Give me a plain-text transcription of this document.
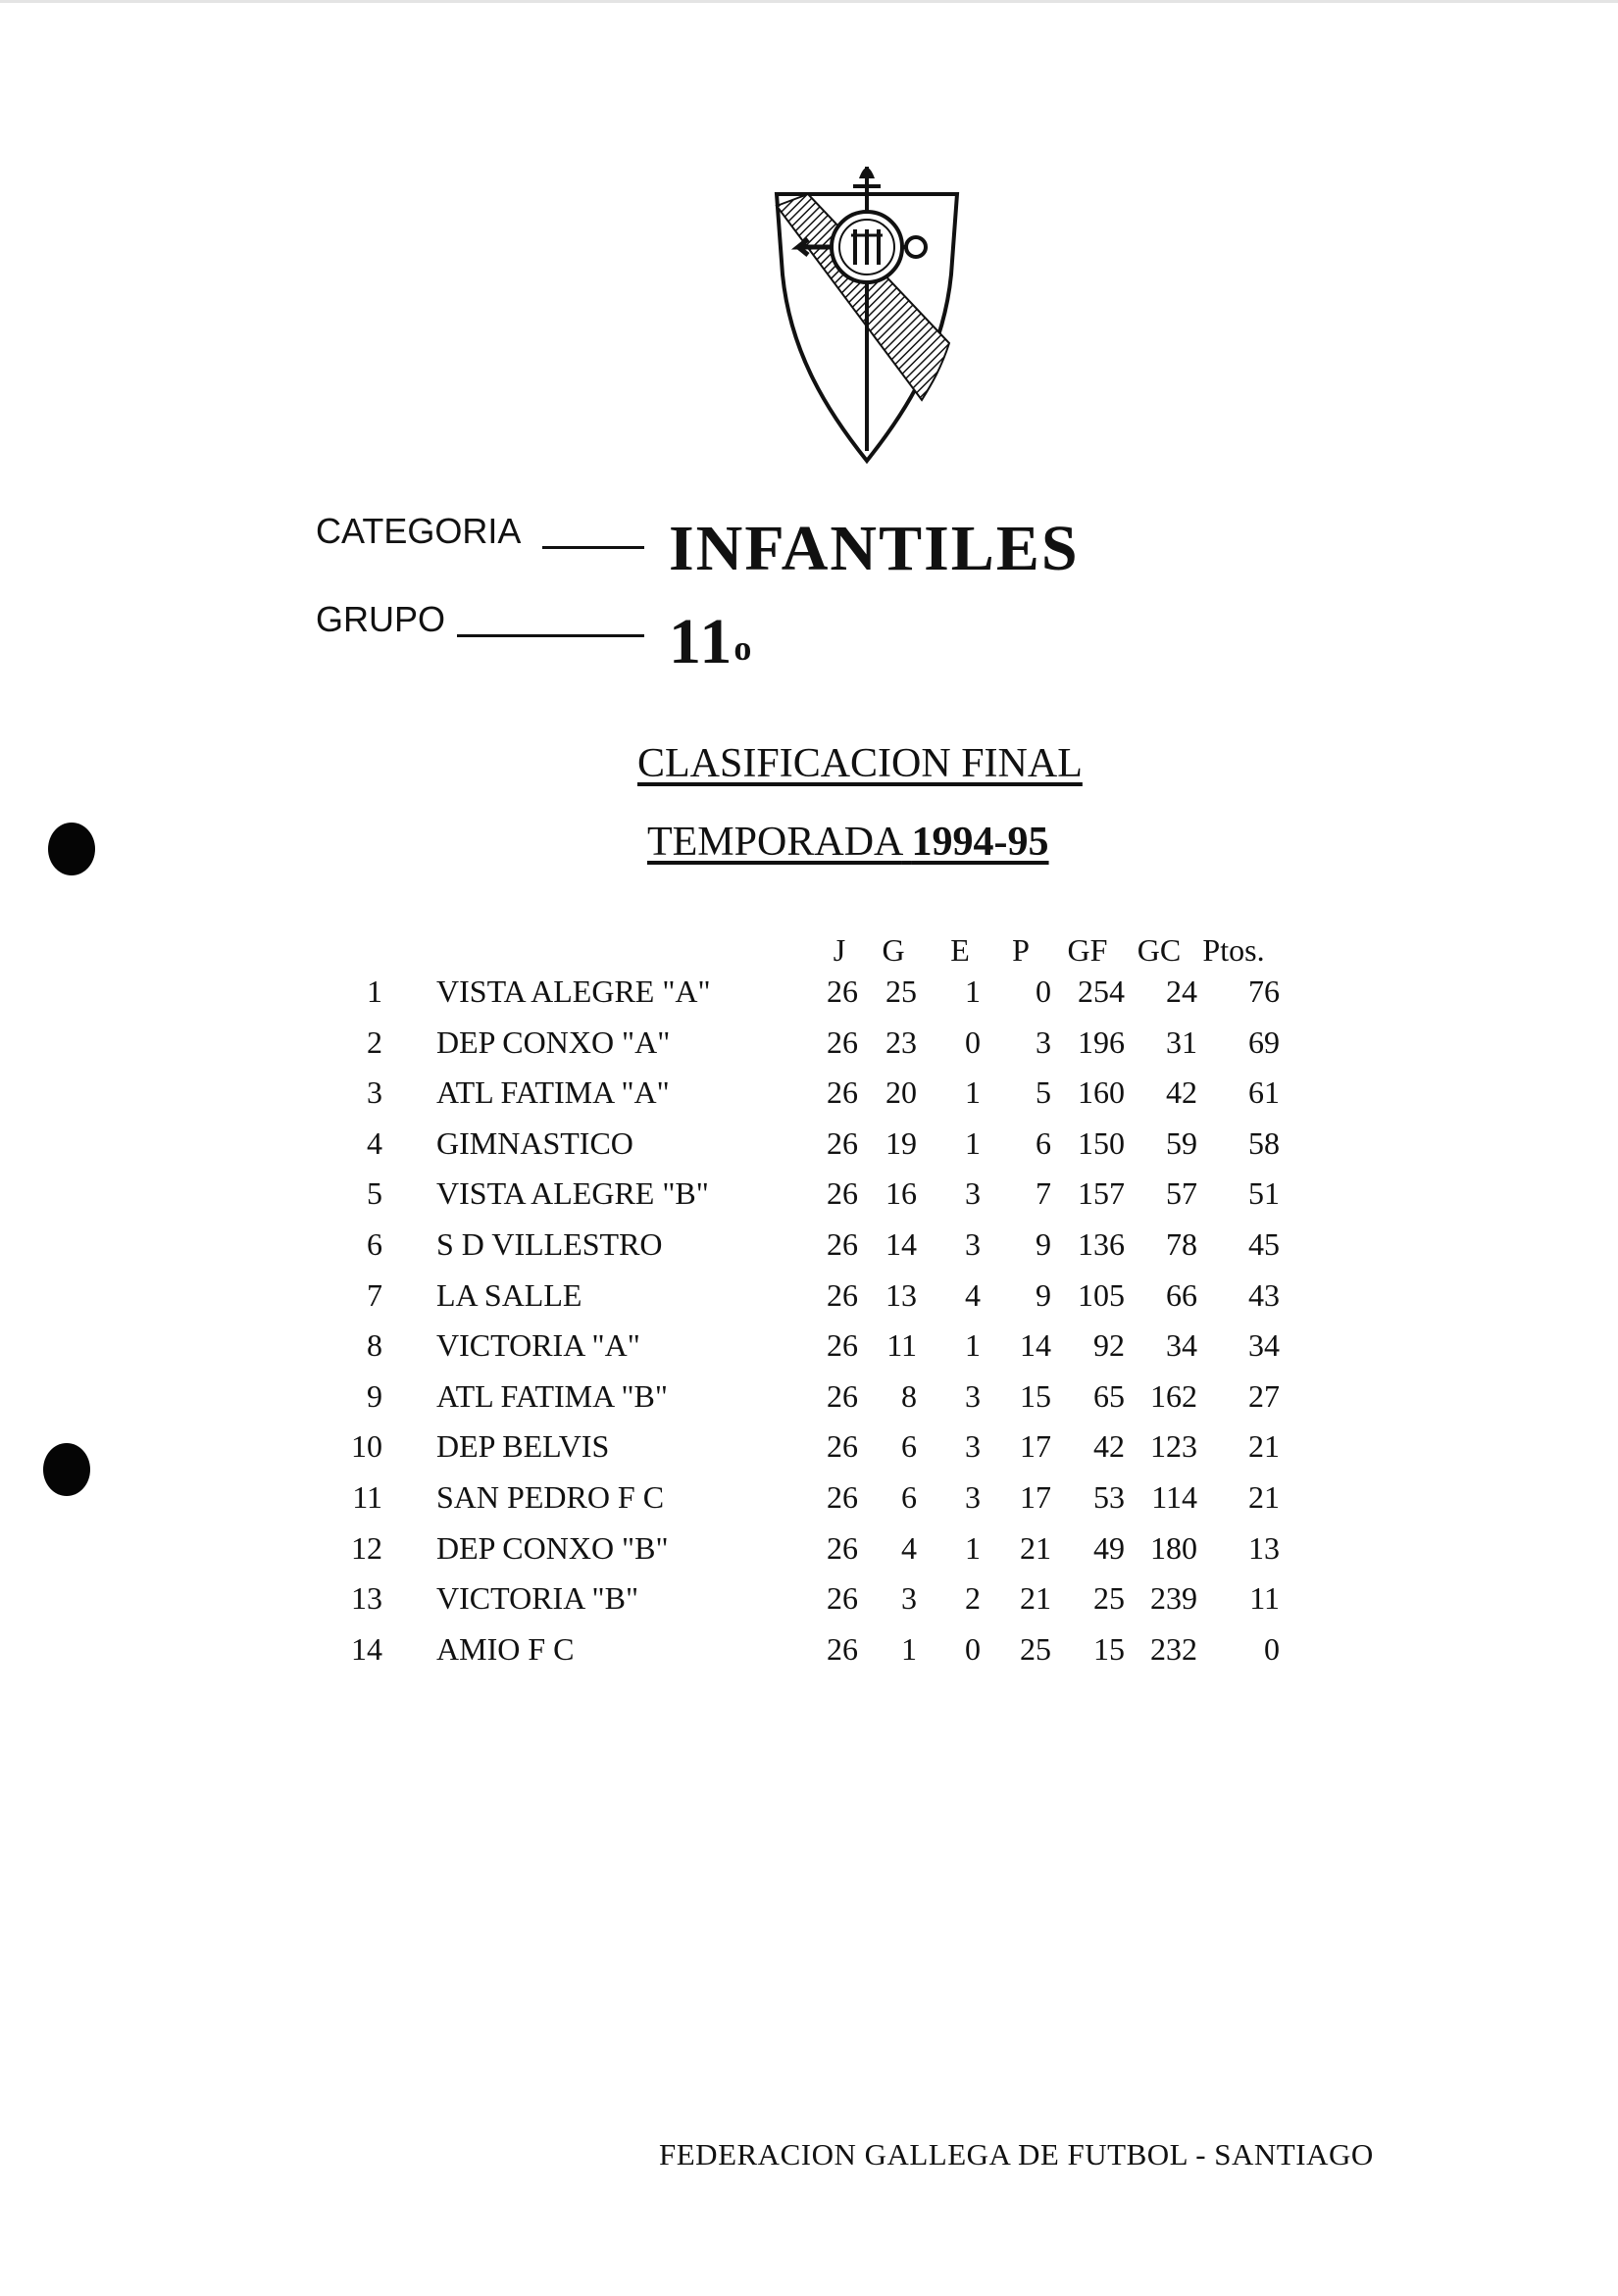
CATEGORIA INFANTILES
GRUPO	11$^o$
CLASIFICACION FINAL
TEMPORADA 1994-95
J	G	E	P	GF GC Ptos.
1 VISTA ALEGRE "A"	26 25	1	0 254	24	76
2 DEP CONXO "A"	26 23	0	3 196	31	69
3 ATL FATIMA "A"	26 20	1	5 160	42	61
4 GIMNASTICO	26 19	1	6 150	59	58
5 VISTA ALEGRE "B"	26 16	3	7 157	57	51
6 S D VILLESTRO	26 14	3	9 136	78	45
7 LA SALLE	26 13	4	9 105	66	43
8 VICTORIA "A"	26 11	1	14	92	34	34
9 ATL FATIMA "B"	26	8	3	15	65 162	27
10 DEP BELVIS	26	6	3	17	42 123	21
11 SAN PEDRO F C	26	6	3	17	53 114	21
12 DEP CONXO "B"	26	4	1	21	49 180	13
13 VICTORIA "B"	26	3	2	21	25 239	11
14 AMIO F C	26	1	0	25	15 232	0
FEDERACION GALLEGA DE FUTBOL - SANTIAGO
